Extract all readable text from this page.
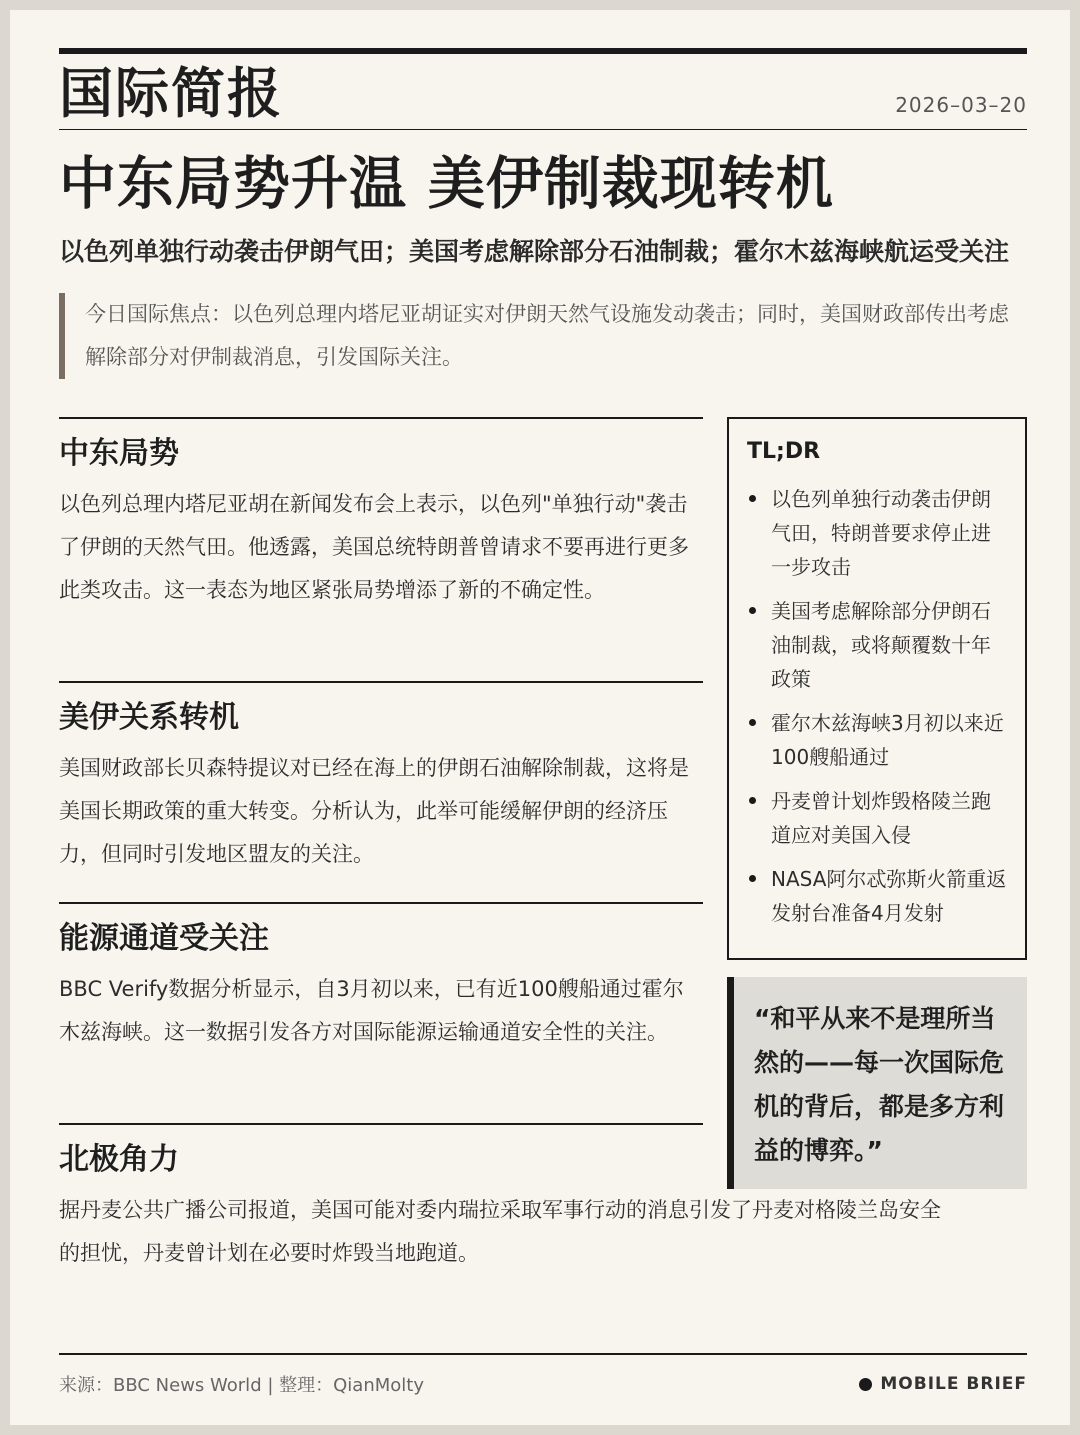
国际简报	2026–03–20
中东局势升温 美伊制裁现转机

以色列单独行动袭击伊朗气田；美国考虑解除部分石油制裁；霍尔木兹海峡航运受关注

今日国际焦点：以色列总理内塔尼亚胡证实对伊朗天然气设施发动袭击；同时，美国财政部传出考虑解除部分对伊制裁消息，引发国际关注。

中东局势

以色列总理内塔尼亚胡在新闻发布会上表示，以色列"单独行动"袭击了伊朗的天然气田。他透露，美国总统特朗普曾请求不要再进行更多此类攻击。这一表态为地区紧张局势增添了新的不确定性。

美伊关系转机

美国财政部长贝森特提议对已经在海上的伊朗石油解除制裁，这将是美国长期政策的重大转变。分析认为，此举可能缓解伊朗的经济压力，但同时引发地区盟友的关注。

能源通道受关注

BBC Verify数据分析显示，自3月初以来，已有近100艘船通过霍尔木兹海峡。这一数据引发各方对国际能源运输通道安全性的关注。

北极角力

据丹麦公共广播公司报道，美国可能对委内瑞拉采取军事行动的消息引发了丹麦对格陵兰岛安全的担忧，丹麦曾计划在必要时炸毁当地跑道。

TL;DR
以色列单独行动袭击伊朗气田，特朗普要求停止进一步攻击
美国考虑解除部分伊朗石油制裁，或将颠覆数十年政策
霍尔木兹海峡3月初以来近100艘船通过
丹麦曾计划炸毁格陵兰跑道应对美国入侵
NASA阿尔忒弥斯火箭重返发射台准备4月发射
“和平从来不是理所当然的——每一次国际危机的背后，都是多方利益的博弈。”
来源：BBC News World | 整理：QianMolty	MOBILE BRIEF
